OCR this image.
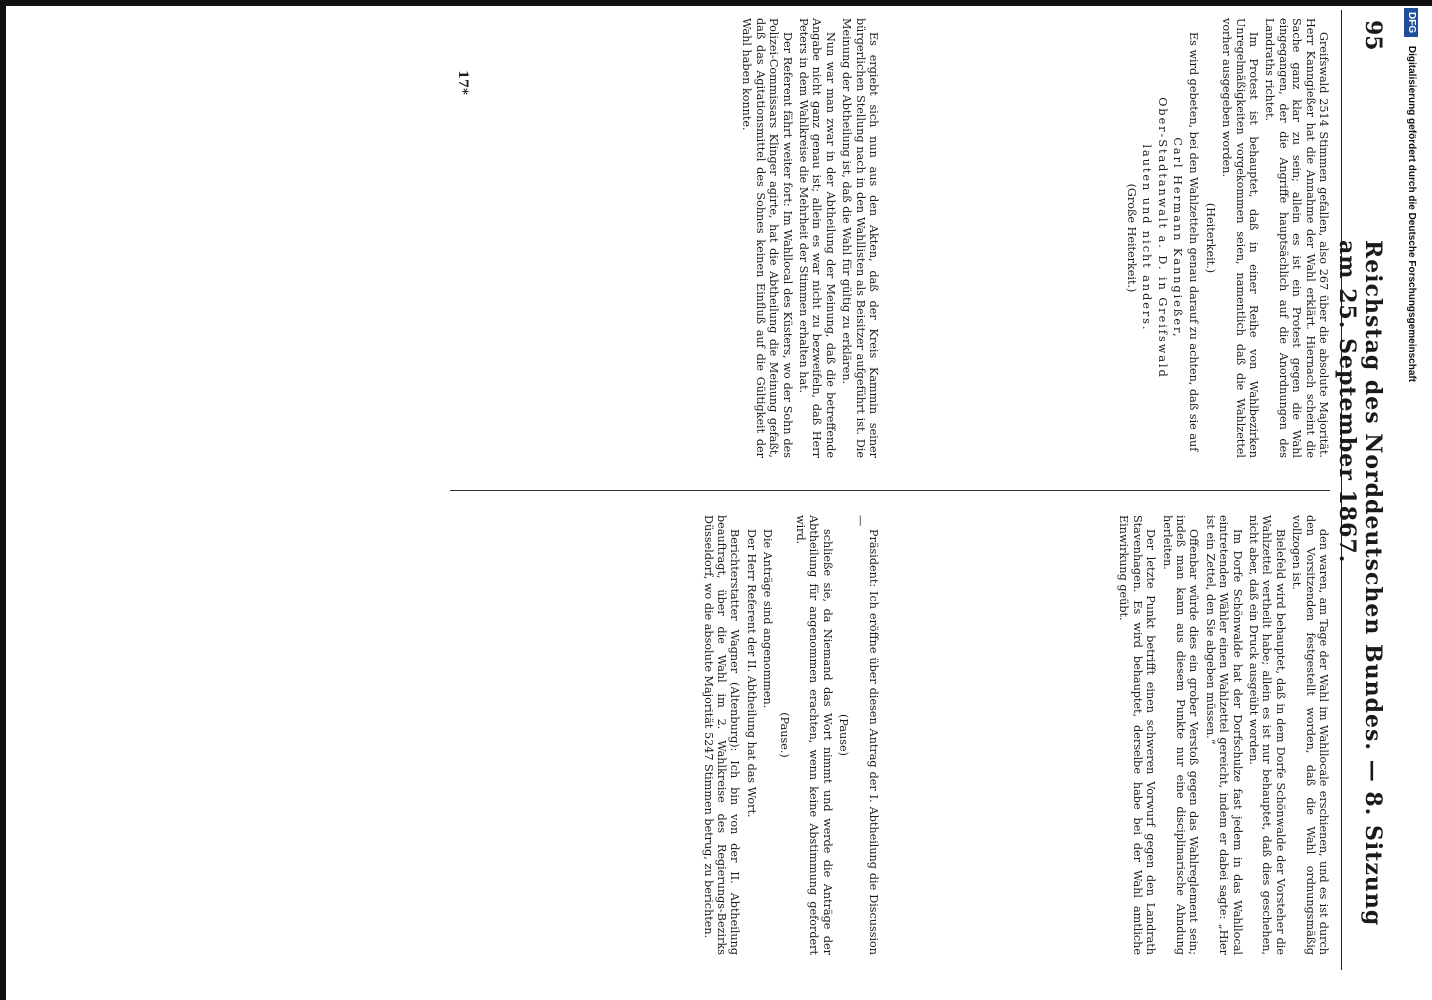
95
Reichstag des Norddeutschen Bundes. — 8. Sitzung am 25. September 1867.

Greifswald 2514 Stimmen gefallen, also 267 über die absolute Majorität. Herr Kanngießer hat die Annahme der Wahl erklärt. Hiernach scheint die Sache ganz klar zu sein; allein es ist ein Protest gegen die Wahl eingegangen, der die Angriffe hauptsächlich auf die Anordnungen des Landraths richtet.

Im Protest ist behauptet, daß in einer Reihe von Wahlbezirken Unregelmäßigkeiten vorgekommen seien, namentlich daß die Wahlzettel vorher ausgegeben worden.

(Heiterkeit.)

Es wird gebeten, bei den Wahlzetteln genau darauf zu achten, daß sie auf

Carl Hermann Kanngießer,
Ober-Stadtanwalt a. D. in Greifswald
lauten und nicht anders.

(Große Heiterkeit.)

den waren, am Tage der Wahl im Wahllocale erschienen, und es ist durch den Vorsitzenden festgestellt worden, daß die Wahl ordnungsmäßig vollzogen ist.

Bielefeld wird behauptet, daß in dem Dorfe Schönwalde der Vorsteher die Wahlzettel vertheilt habe; allein es ist nur behauptet, daß dies geschehen, nicht aber, daß ein Druck ausgeübt worden.

Im Dorfe Schönwalde hat der Dorfschulze fast jedem in das Wahllocal eintretenden Wähler einen Wahlzettel gereicht, indem er dabei sagte: „Hier ist ein Zettel, den Sie abgeben müssen.“

Offenbar würde dies ein grober Verstoß gegen das Wahlreglement sein; indeß man kann aus diesem Punkte nur eine disciplinarische Ahndung herleiten.

Der letzte Punkt betrifft einen schweren Vorwurf gegen den Landrath Stavenhagen. Es wird behauptet, derselbe habe bei der Wahl amtliche Einwirkung geübt.

Es ergiebt sich nun aus den Akten, daß der Kreis Kammin seiner bürgerlichen Stellung nach in den Wahllisten als Beisitzer aufgeführt ist. Die Meinung der Abtheilung ist, daß die Wahl für gültig zu erklären.

Nun war man zwar in der Abtheilung der Meinung, daß die betreffende Angabe nicht ganz genau ist; allein es war nicht zu bezweifeln, daß Herr Peters in dem Wahlkreise die Mehrheit der Stimmen erhalten hat.

Der Referent fährt weiter fort: Im Wahllocal des Küsters, wo der Sohn des Polizei-Commissars Klinger agirte, hat die Abtheilung die Meinung gefaßt, daß das Agitationsmittel des Sohnes keinen Einfluß auf die Gültigkeit der Wahl haben konnte.

Präsident: Ich eröffne über diesen Antrag der I. Abtheilung die Discussion —

(Pause)

schließe sie, da Niemand das Wort nimmt und werde die Anträge der Abtheilung für angenommen erachten, wenn keine Abstimmung gefordert wird.

(Pause.)

Die Anträge sind angenommen.

Der Herr Referent der II. Abtheilung hat das Wort.

Berichterstatter Wagner (Altenburg): Ich bin von der II. Abtheilung beauftragt, über die Wahl im 2. Wahlkreise des Regierungs-Bezirks Düsseldorf, wo die absolute Majorität 5247 Stimmen betrug, zu berichten.

17*
DFG Digitalisierung gefördert durch die Deutsche Forschungsgemeinschaft
